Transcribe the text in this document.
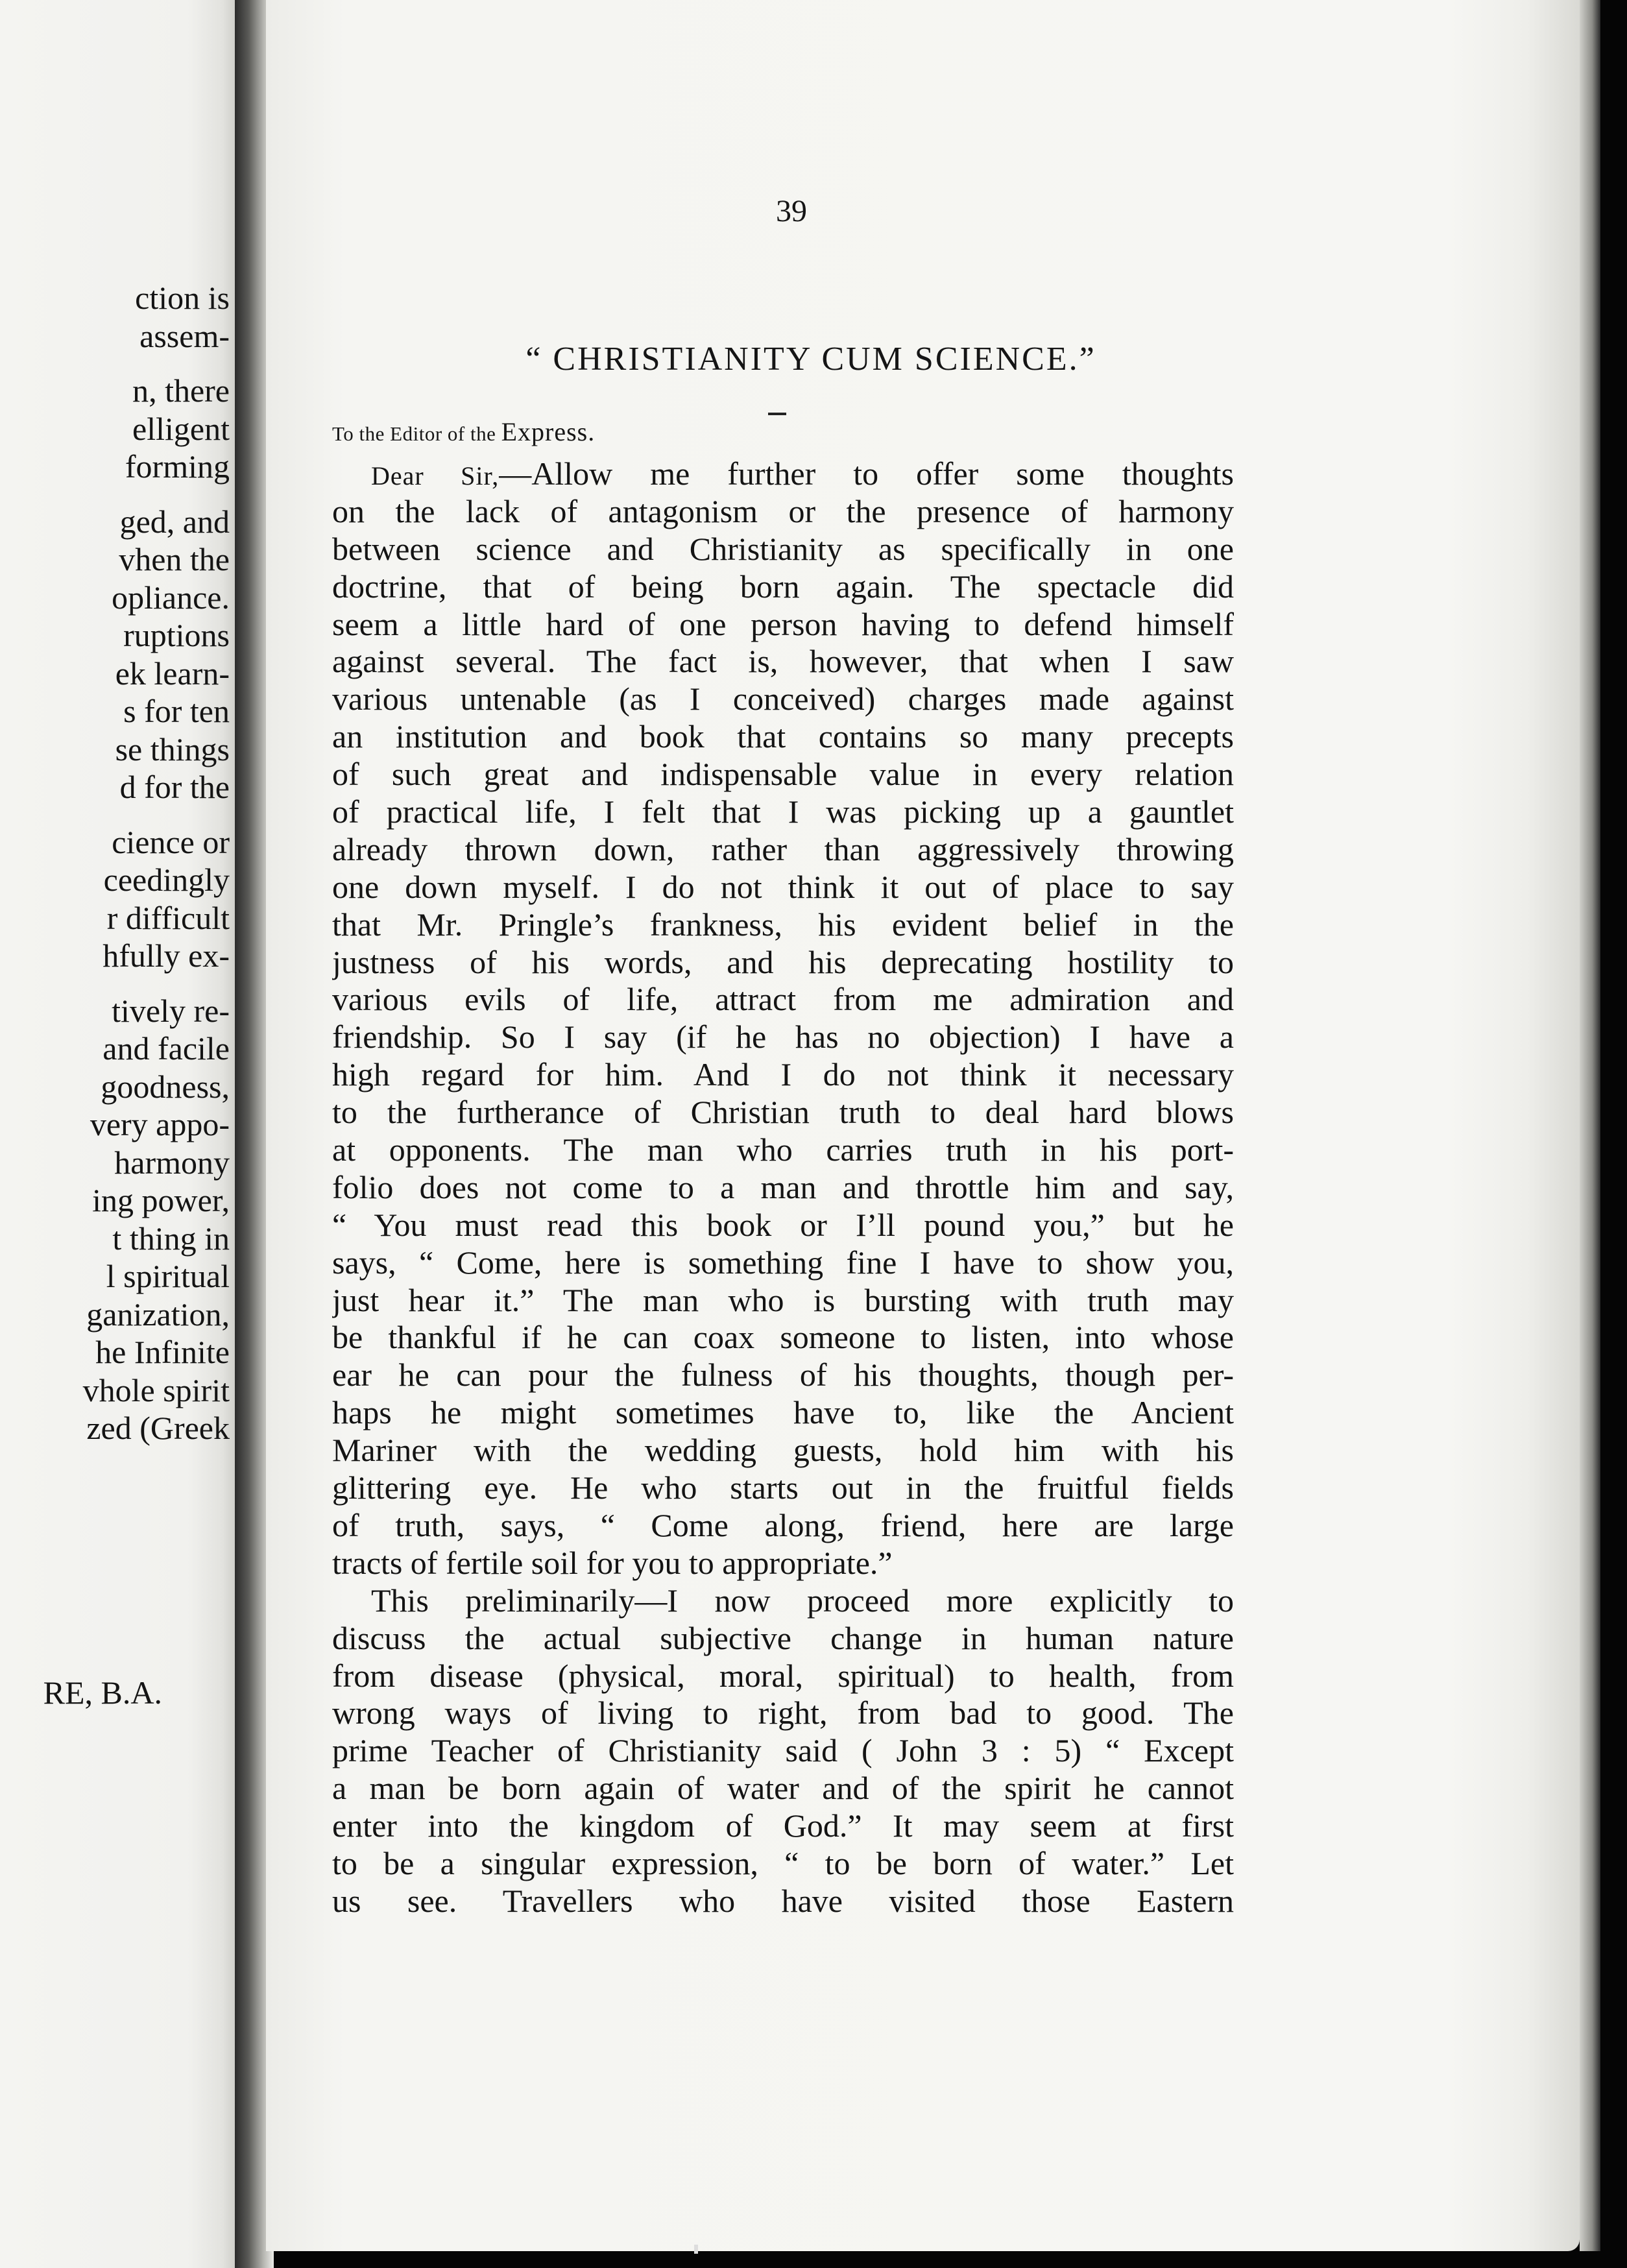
ction is
assem-
n, there
elligent
forming
ged, and
vhen the
opliance.
ruptions
ek learn-
s for ten
se things
d for the
cience or
ceedingly
r difficult
hfully ex-
tively re-
and facile
goodness,
very appo-
harmony
ing power,
t thing in
l spiritual
ganization,
he Infinite
vhole spirit
zed (Greek
RE, B.A.
39
“ CHRISTIANITY CUM SCIENCE.”
To the Editor of the Express.
Dear Sir,—Allow me further to offer some thoughts
on the lack of antagonism or the presence of harmony
between science and Christianity as specifically in one
doctrine, that of being born again. The spectacle did
seem a little hard of one person having to defend himself
against several. The fact is, however, that when I saw
various untenable (as I conceived) charges made against
an institution and book that contains so many precepts
of such great and indispensable value in every relation
of practical life, I felt that I was picking up a gauntlet
already thrown down, rather than aggressively throwing
one down myself. I do not think it out of place to say
that Mr. Pringle’s frankness, his evident belief in the
justness of his words, and his deprecating hostility to
various evils of life, attract from me admiration and
friendship. So I say (if he has no objection) I have a
high regard for him. And I do not think it necessary
to the furtherance of Christian truth to deal hard blows
at opponents. The man who carries truth in his port-
folio does not come to a man and throttle him and say,
“ You must read this book or I’ll pound you,” but he
says, “ Come, here is something fine I have to show you,
just hear it.” The man who is bursting with truth may
be thankful if he can coax someone to listen, into whose
ear he can pour the fulness of his thoughts, though per-
haps he might sometimes have to, like the Ancient
Mariner with the wedding guests, hold him with his
glittering eye. He who starts out in the fruitful fields
of truth, says, “ Come along, friend, here are large
tracts of fertile soil for you to appropriate.”
This preliminarily—I now proceed more explicitly to
discuss the actual subjective change in human nature
from disease (physical, moral, spiritual) to health, from
wrong ways of living to right, from bad to good. The
prime Teacher of Christianity said ( John 3 : 5) “ Except
a man be born again of water and of the spirit he cannot
enter into the kingdom of God.” It may seem at first
to be a singular expression, “ to be born of water.” Let
us see. Travellers who have visited those Eastern
